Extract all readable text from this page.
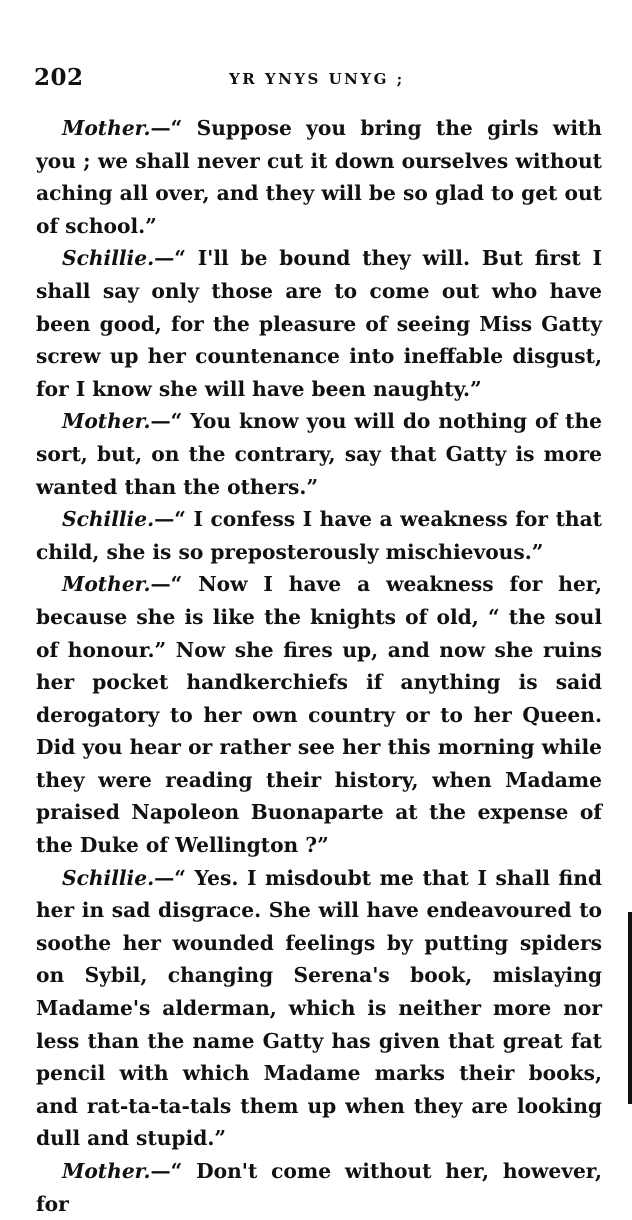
202	YR YNYS UNYG ;

Mother.—“ Suppose you bring the girls with you ; we shall never cut it down ourselves without aching all over, and they will be so glad to get out of school.”

Schillie.—“ I'll be bound they will. But first I shall say only those are to come out who have been good, for the pleasure of seeing Miss Gatty screw up her countenance into ineffable disgust, for I know she will have been naughty.”

Mother.—“ You know you will do nothing of the sort, but, on the contrary, say that Gatty is more wanted than the others.”

Schillie.—“ I confess I have a weakness for that child, she is so preposterously mischievous.”

Mother.—“ Now I have a weakness for her, because she is like the knights of old, “ the soul of honour.” Now she fires up, and now she ruins her pocket handkerchiefs if anything is said derogatory to her own country or to her Queen. Did you hear or rather see her this morning while they were reading their history, when Madame praised Napoleon Buonaparte at the expense of the Duke of Wellington ?”

Schillie.—“ Yes. I misdoubt me that I shall find her in sad disgrace. She will have endeavoured to soothe her wounded feelings by putting spiders on Sybil, changing Serena's book, mislaying Madame's alderman, which is neither more nor less than the name Gatty has given that great fat pencil with which Madame marks their books, and rat-ta-ta-tals them up when they are looking dull and stupid.”

Mother.—“ Don't come without her, however, for
